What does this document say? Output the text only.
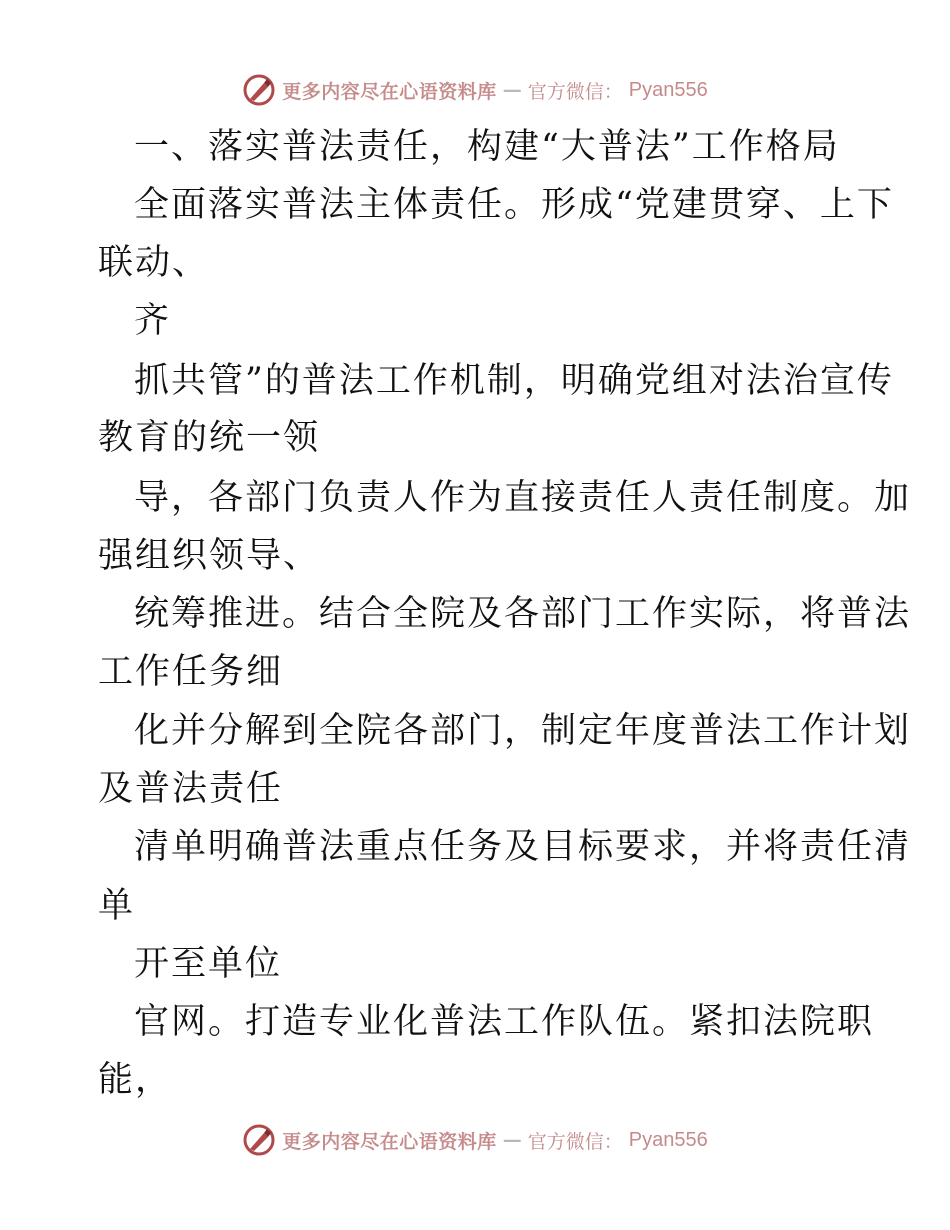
更多内容尽在心语资料库 — 官方微信： Pyan556
一、落实普法责任，构建“大普法”工作格局
全面落实普法主体责任。形成“党建贯穿、上下
联动、
齐
抓共管”的普法工作机制，明确党组对法治宣传
教育的统一领
导，各部门负责人作为直接责任人责任制度。加
强组织领导、
统筹推进。结合全院及各部门工作实际，将普法
工作任务细
化并分解到全院各部门，制定年度普法工作计划
及普法责任
清单明确普法重点任务及目标要求，并将责任清
单
开至单位
官网。打造专业化普法工作队伍。紧扣法院职
能，
更多内容尽在心语资料库 — 官方微信： Pyan556
